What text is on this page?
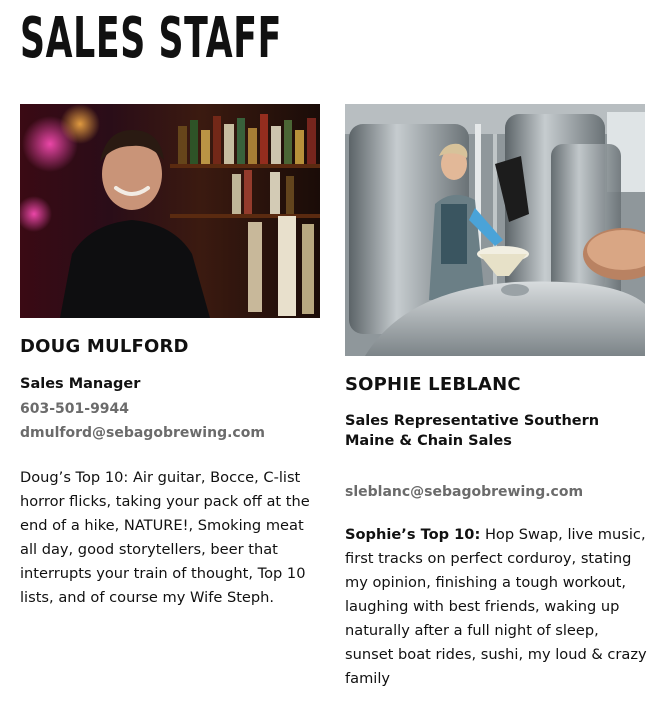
SALES STAFF
DOUG MULFORD

Sales Manager

603-501-9944
dmulford@sebagobrewing.com

Doug’s Top 10: Air guitar, Bocce, C-list horror flicks, taking your pack off at the end of a hike, NATURE!, Smoking meat all day, good storytellers, beer that interrupts your train of thought, Top 10 lists, and of course my Wife Steph.

SOPHIE LEBLANC

Sales Representative Southern Maine & Chain Sales

sleblanc@sebagobrewing.com

Sophie’s Top 10: Hop Swap, live music, first tracks on perfect corduroy, stating my opinion, finishing a tough workout, laughing with best friends, waking up naturally after a full night of sleep, sunset boat rides, sushi, my loud & crazy family
